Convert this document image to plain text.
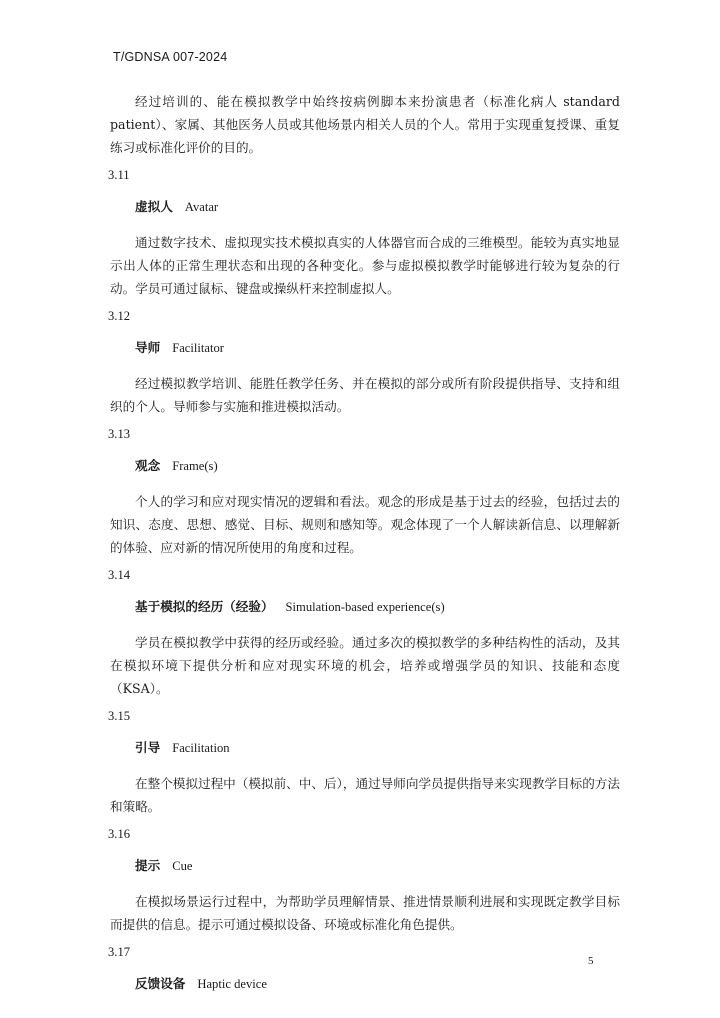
T/GDNSA 007-2024

经过培训的、能在模拟教学中始终按病例脚本来扮演患者（标准化病人 standard patient）、家属、其他医务人员或其他场景内相关人员的个人。常用于实现重复授课、重复练习或标准化评价的目的。

3.11
虚拟人 Avatar

通过数字技术、虚拟现实技术模拟真实的人体器官而合成的三维模型。能较为真实地显示出人体的正常生理状态和出现的各种变化。参与虚拟模拟教学时能够进行较为复杂的行动。学员可通过鼠标、键盘或操纵杆来控制虚拟人。

3.12
导师 Facilitator

经过模拟教学培训、能胜任教学任务、并在模拟的部分或所有阶段提供指导、支持和组织的个人。导师参与实施和推进模拟活动。

3.13
观念 Frame(s)

个人的学习和应对现实情况的逻辑和看法。观念的形成是基于过去的经验，包括过去的知识、态度、思想、感觉、目标、规则和感知等。观念体现了一个人解读新信息、以理解新的体验、应对新的情况所使用的角度和过程。

3.14
基于模拟的经历（经验） Simulation-based experience(s)

学员在模拟教学中获得的经历或经验。通过多次的模拟教学的多种结构性的活动，及其在模拟环境下提供分析和应对现实环境的机会，培养或增强学员的知识、技能和态度（KSA）。

3.15
引导 Facilitation

在整个模拟过程中（模拟前、中、后），通过导师向学员提供指导来实现教学目标的方法和策略。

3.16
提示 Cue

在模拟场景运行过程中，为帮助学员理解情景、推进情景顺利进展和实现既定教学目标而提供的信息。提示可通过模拟设备、环境或标准化角色提供。

3.17
反馈设备 Haptic device
5
